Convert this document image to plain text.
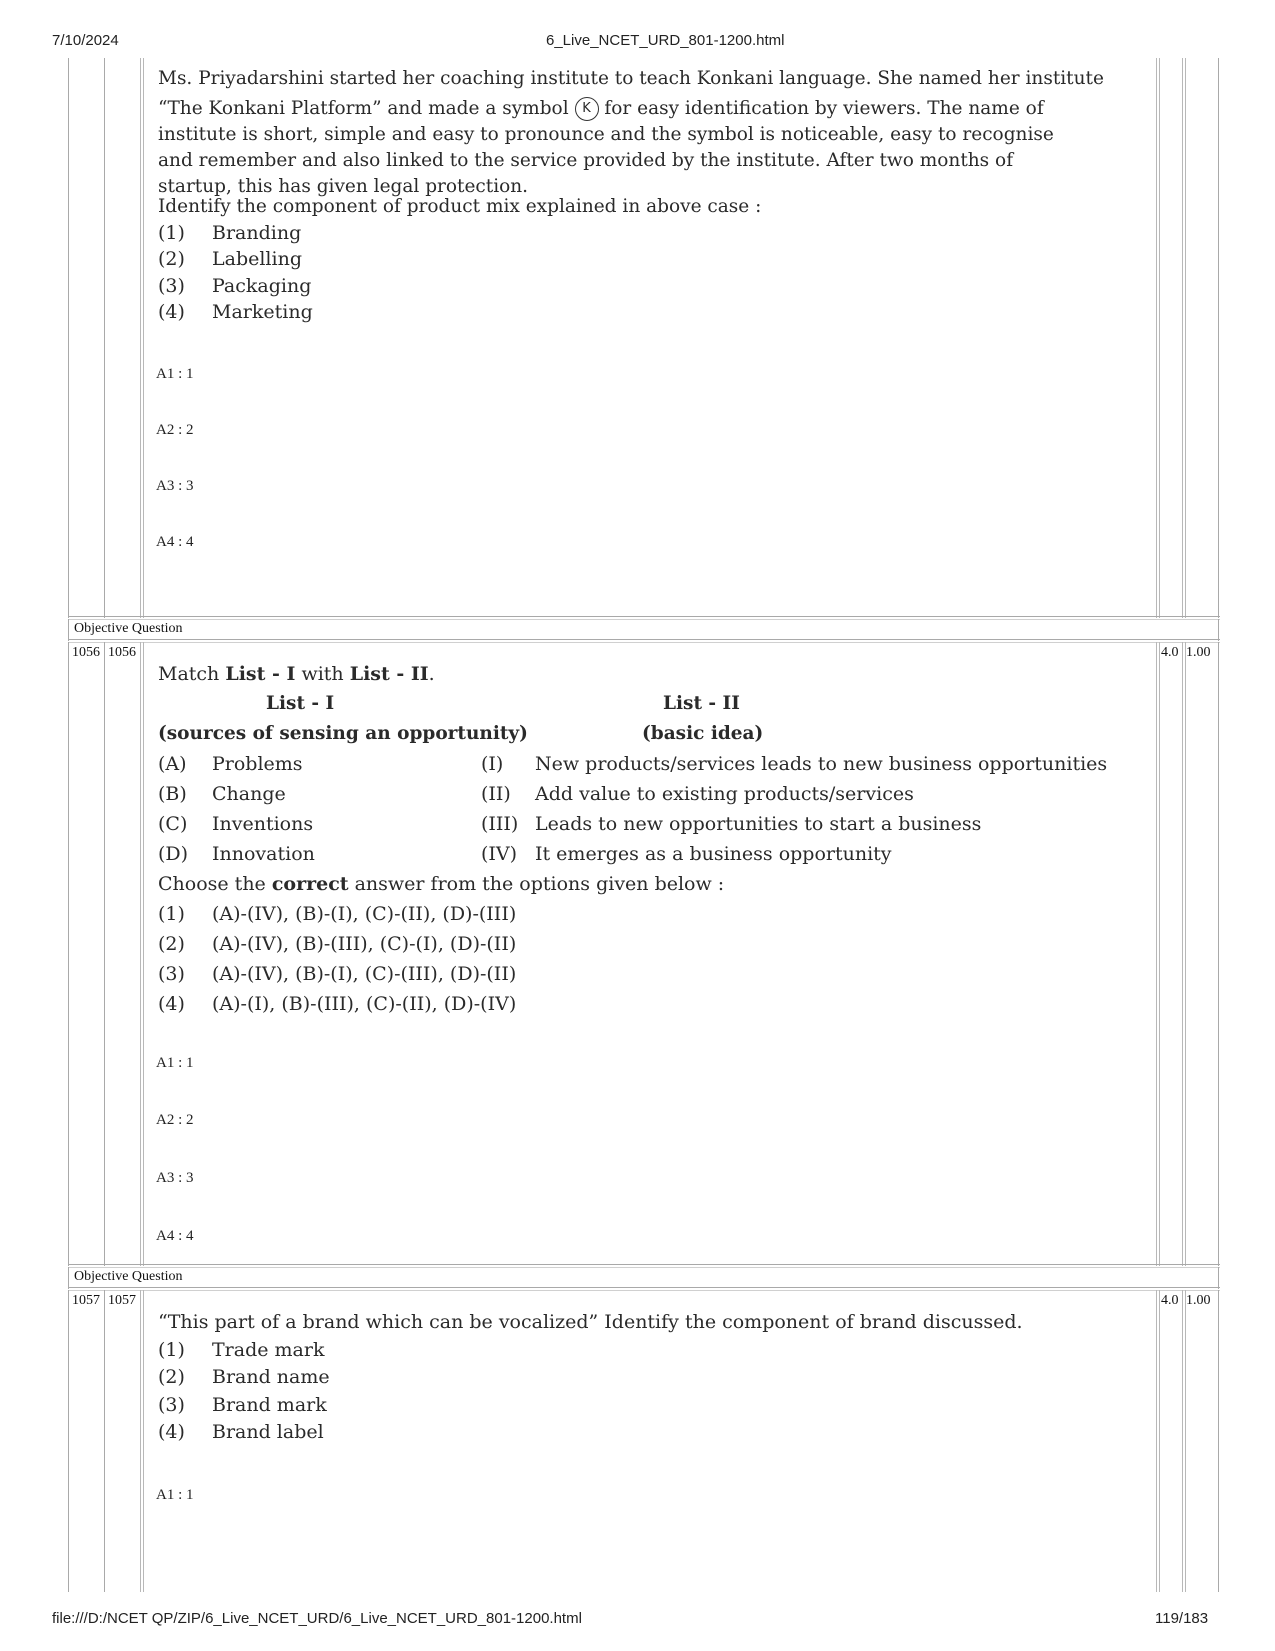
7/10/2024	6_Live_NCET_URD_801-1200.html
file:///D:/NCET QP/ZIP/6_Live_NCET_URD/6_Live_NCET_URD_801-1200.html	119/183
Ms. Priyadarshini started her coaching institute to teach Konkani language. She named her institute
“The Konkani Platform” and made a symbol K for easy identification by viewers. The name of

institute is short, simple and easy to pronounce and the symbol is noticeable, easy to recognise and remember and also linked to the service provided by the institute. After two months of startup, this has given legal protection.

Identify the component of product mix explained in above case :
(1) Branding
(2) Labelling
(3) Packaging
(4) Marketing
A1 : 1
A2 : 2
A3 : 3
A4 : 4
Objective Question
1056 1056	4.0 1.00
Match List - I with List - II.
List - I	List - II
(sources of sensing an opportunity)	(basic idea)
(A) Problems	(I) New products/services leads to new business opportunities
(B) Change	(II) Add value to existing products/services
(C) Inventions	(III) Leads to new opportunities to start a business
(D) Innovation	(IV) It emerges as a business opportunity
Choose the correct answer from the options given below :
(1) (A)-(IV), (B)-(I), (C)-(II), (D)-(III)
(2) (A)-(IV), (B)-(III), (C)-(I), (D)-(II)
(3) (A)-(IV), (B)-(I), (C)-(III), (D)-(II)
(4) (A)-(I), (B)-(III), (C)-(II), (D)-(IV)
A1 : 1
A2 : 2
A3 : 3
A4 : 4
Objective Question
1057 1057	4.0 1.00
“This part of a brand which can be vocalized” Identify the component of brand discussed.
(1) Trade mark
(2) Brand name
(3) Brand mark
(4) Brand label
A1 : 1
